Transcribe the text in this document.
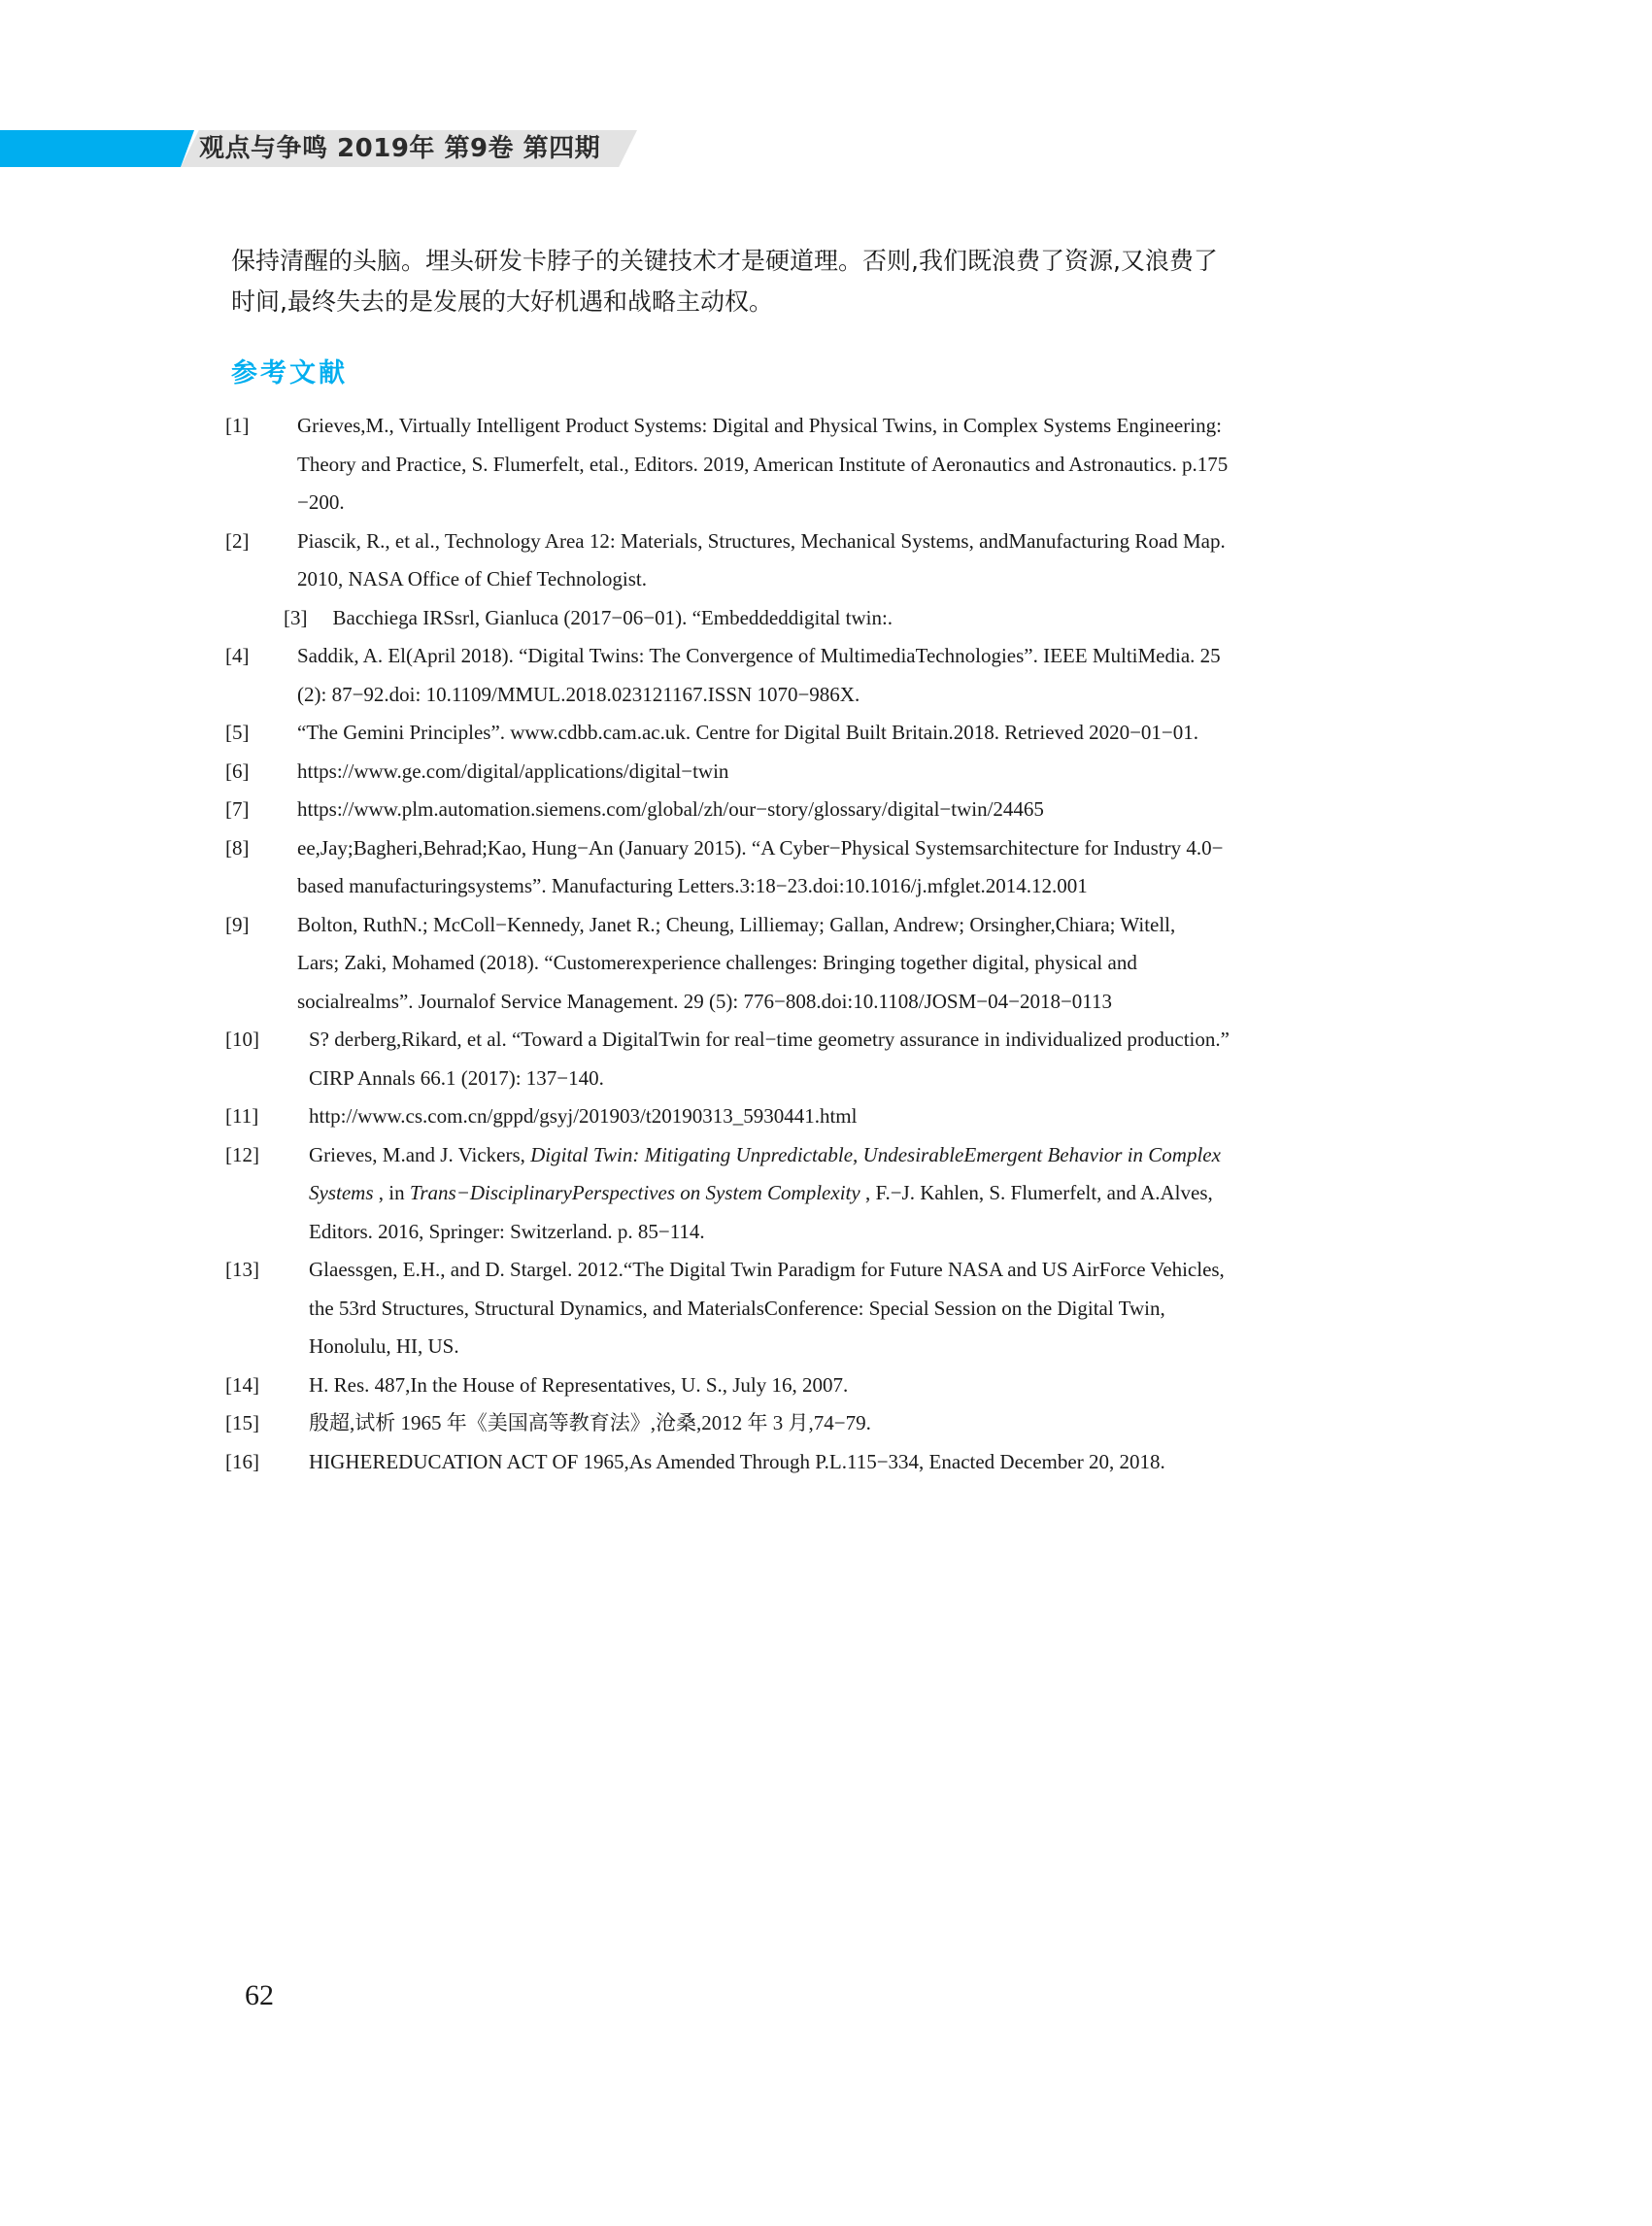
观点与争鸣 2019年 第9卷 第四期

保持清醒的头脑。埋头研发卡脖子的关键技术才是硬道理。否则,我们既浪费了资源,又浪费了

时间,最终失去的是发展的大好机遇和战略主动权。

参考文献
[1] Grieves,M., Virtually Intelligent Product Systems: Digital and Physical Twins, in Complex Systems Engineering:
Theory and Practice, S. Flumerfelt, etal., Editors. 2019, American Institute of Aeronautics and Astronautics. p.175
−200.
[2] Piascik, R., et al., Technology Area 12: Materials, Structures, Mechanical Systems, andManufacturing Road Map.
2010, NASA Office of Chief Technologist.
[3] Bacchiega IRSsrl, Gianluca (2017−06−01). “Embeddeddigital twin:.
[4] Saddik, A. El(April 2018). “Digital Twins: The Convergence of MultimediaTechnologies”. IEEE MultiMedia. 25
(2): 87−92.doi: 10.1109/MMUL.2018.023121167.ISSN 1070−986X.
[5] “The Gemini Principles”. www.cdbb.cam.ac.uk. Centre for Digital Built Britain.2018. Retrieved 2020−01−01.
[6] https://www.ge.com/digital/applications/digital−twin
[7] https://www.plm.automation.siemens.com/global/zh/our−story/glossary/digital−twin/24465
[8] ee,Jay;Bagheri,Behrad;Kao, Hung−An (January 2015). “A Cyber−Physical Systemsarchitecture for Industry 4.0−
based manufacturingsystems”. Manufacturing Letters.3:18−23.doi:10.1016/j.mfglet.2014.12.001
[9] Bolton, RuthN.; McColl−Kennedy, Janet R.; Cheung, Lilliemay; Gallan, Andrew; Orsingher,Chiara; Witell,
Lars; Zaki, Mohamed (2018). “Customerexperience challenges: Bringing together digital, physical and
socialrealms”. Journalof Service Management. 29 (5): 776−808.doi:10.1108/JOSM−04−2018−0113
[10] S? derberg,Rikard, et al. “Toward a DigitalTwin for real−time geometry assurance in individualized production.”
CIRP Annals 66.1 (2017): 137−140.
[11] http://www.cs.com.cn/gppd/gsyj/201903/t20190313_5930441.html
[12] Grieves, M.and J. Vickers, Digital Twin: Mitigating Unpredictable, UndesirableEmergent Behavior in Complex
Systems , in Trans−DisciplinaryPerspectives on System Complexity , F.−J. Kahlen, S. Flumerfelt, and A.Alves,
Editors. 2016, Springer: Switzerland. p. 85−114.
[13] Glaessgen, E.H., and D. Stargel. 2012.“The Digital Twin Paradigm for Future NASA and US AirForce Vehicles,
the 53rd Structures, Structural Dynamics, and MaterialsConference: Special Session on the Digital Twin,
Honolulu, HI, US.
[14] H. Res. 487,In the House of Representatives, U. S., July 16, 2007.
[15] 殷超,试析 1965 年《美国高等教育法》,沧桑,2012 年 3 月,74−79.
[16] HIGHEREDUCATION ACT OF 1965,As Amended Through P.L.115−334, Enacted December 20, 2018.
62
